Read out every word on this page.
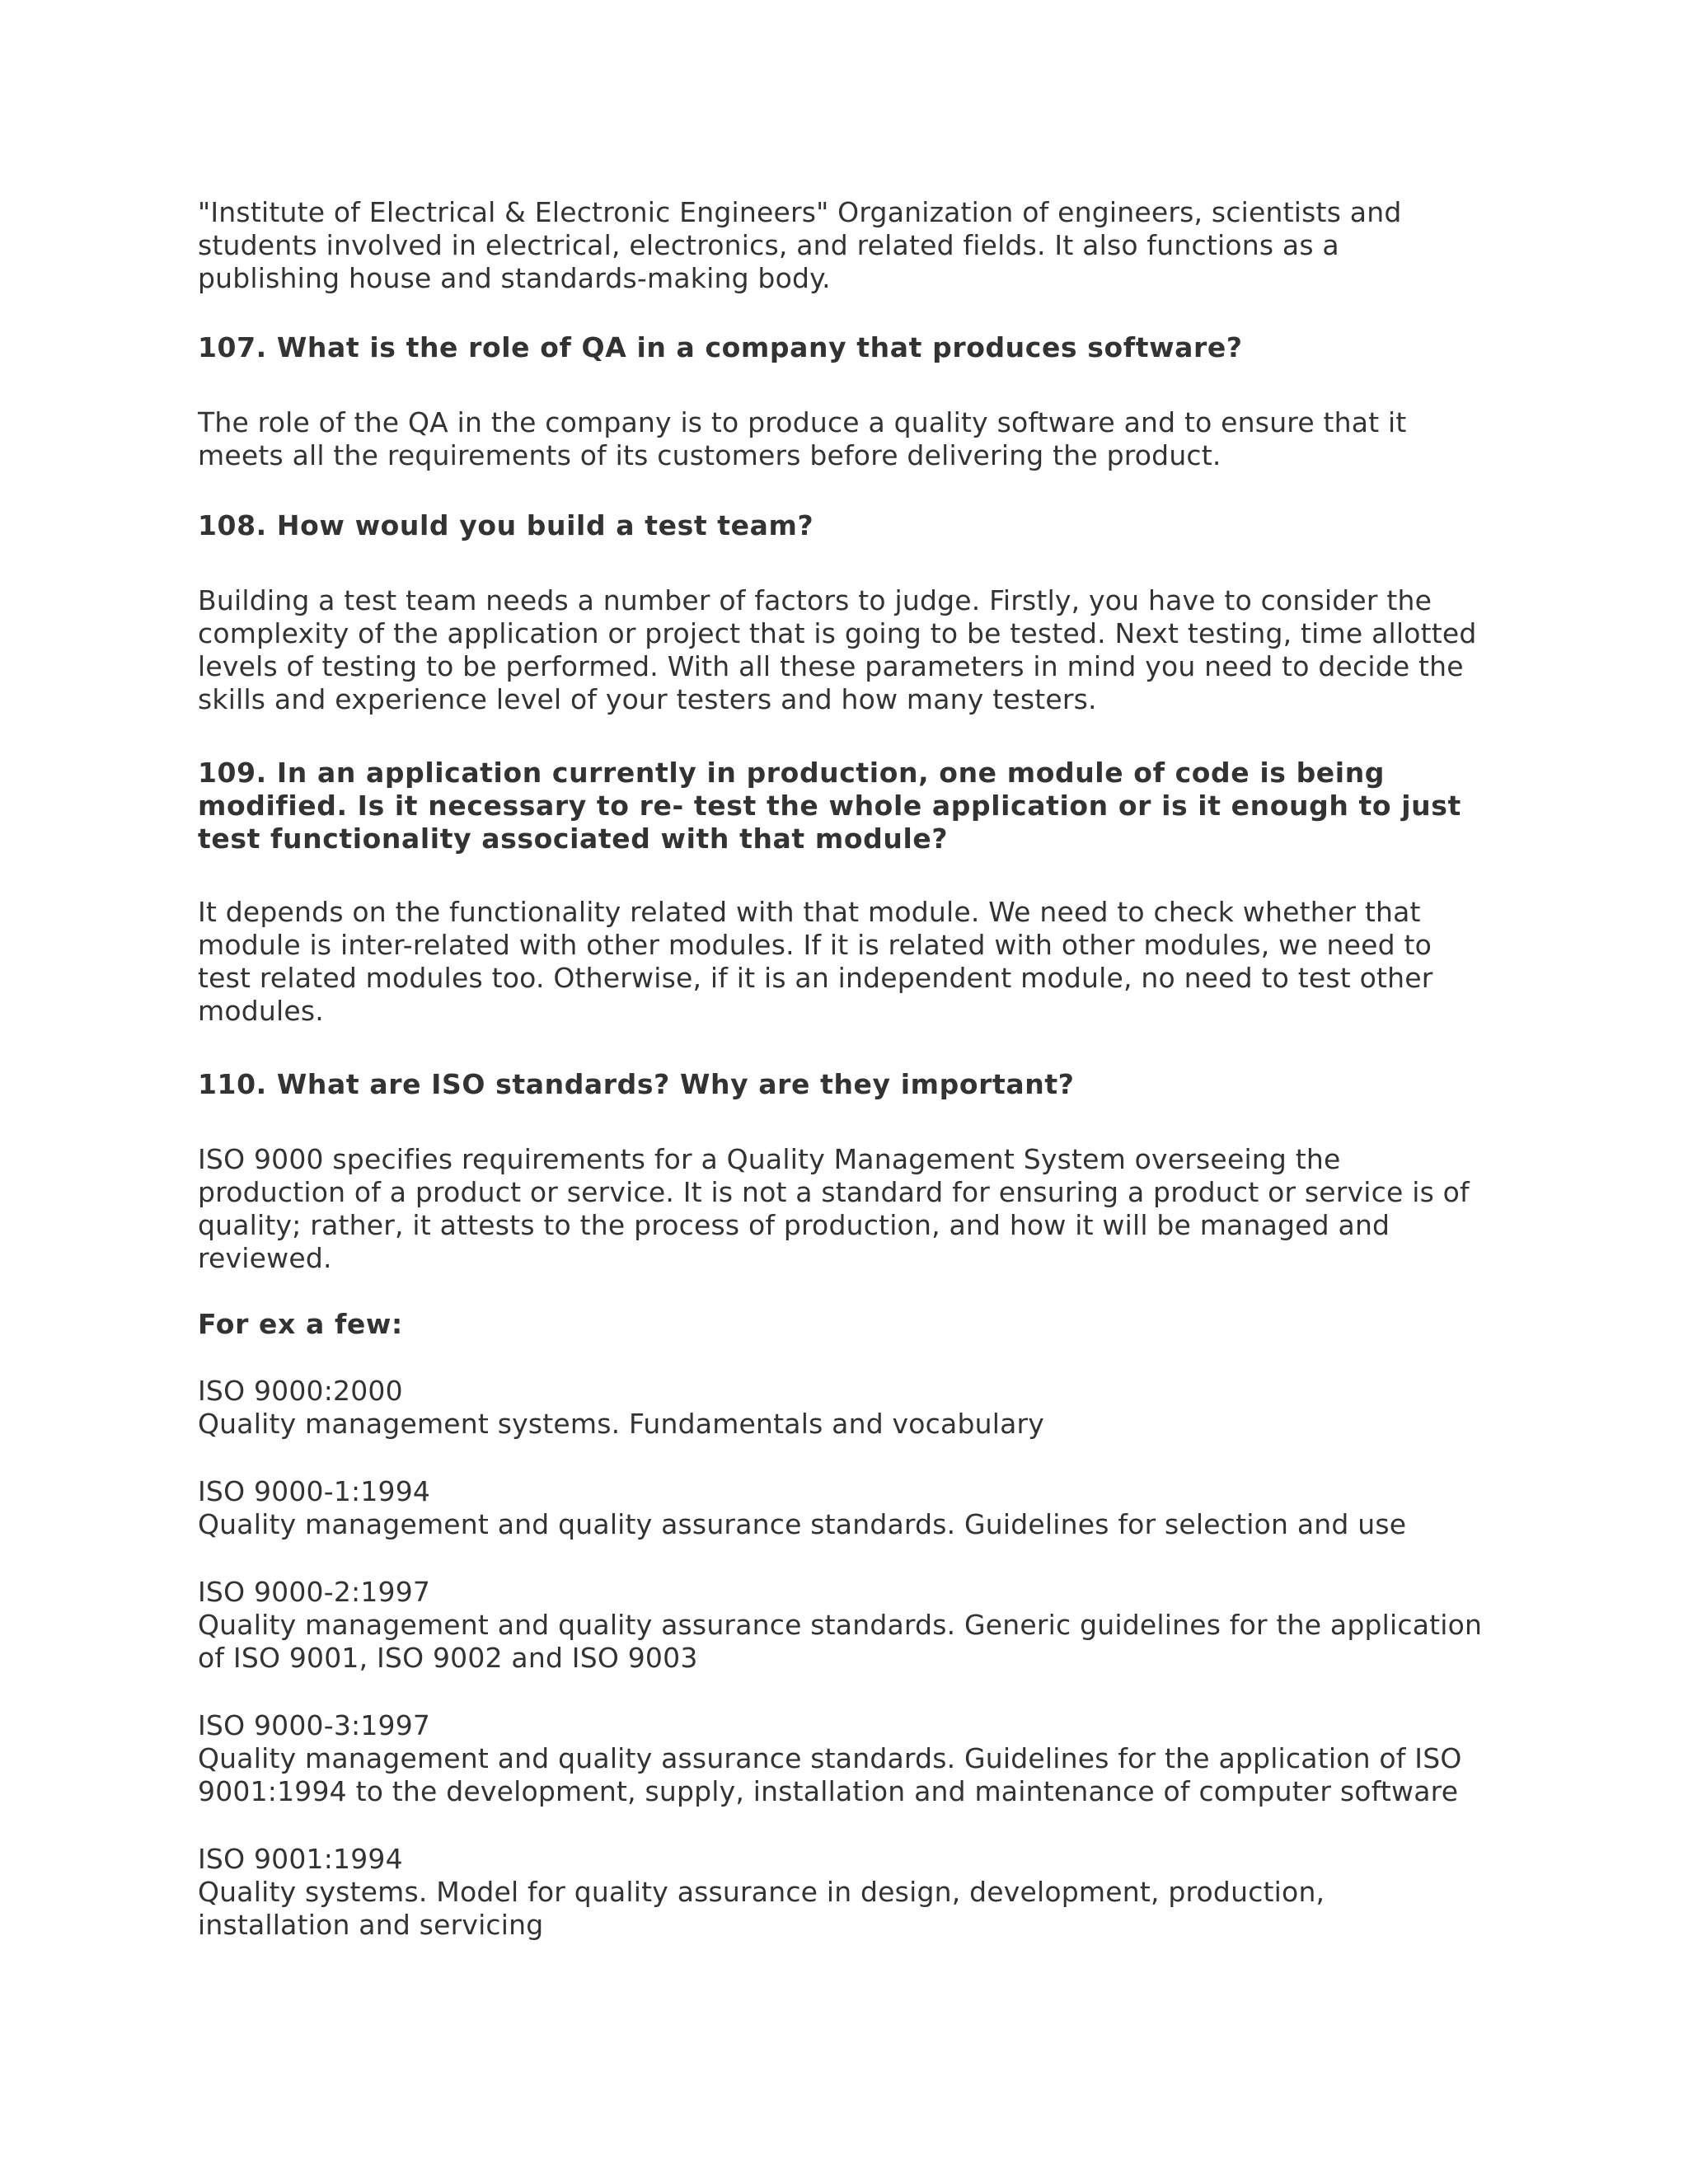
"Institute of Electrical & Electronic Engineers" Organization of engineers, scientists and
students involved in electrical, electronics, and related fields. It also functions as a
publishing house and standards-making body.
107. What is the role of QA in a company that produces software?
The role of the QA in the company is to produce a quality software and to ensure that it
meets all the requirements of its customers before delivering the product.
108. How would you build a test team?
Building a test team needs a number of factors to judge. Firstly, you have to consider the
complexity of the application or project that is going to be tested. Next testing, time allotted
levels of testing to be performed. With all these parameters in mind you need to decide the
skills and experience level of your testers and how many testers.
109. In an application currently in production, one module of code is being
modified. Is it necessary to re- test the whole application or is it enough to just
test functionality associated with that module?
It depends on the functionality related with that module. We need to check whether that
module is inter-related with other modules. If it is related with other modules, we need to
test related modules too. Otherwise, if it is an independent module, no need to test other
modules.
110. What are ISO standards? Why are they important?
ISO 9000 specifies requirements for a Quality Management System overseeing the
production of a product or service. It is not a standard for ensuring a product or service is of
quality; rather, it attests to the process of production, and how it will be managed and
reviewed.
For ex a few:
ISO 9000:2000
Quality management systems. Fundamentals and vocabulary
ISO 9000-1:1994
Quality management and quality assurance standards. Guidelines for selection and use
ISO 9000-2:1997
Quality management and quality assurance standards. Generic guidelines for the application
of ISO 9001, ISO 9002 and ISO 9003
ISO 9000-3:1997
Quality management and quality assurance standards. Guidelines for the application of ISO
9001:1994 to the development, supply, installation and maintenance of computer software
ISO 9001:1994
Quality systems. Model for quality assurance in design, development, production,
installation and servicing
